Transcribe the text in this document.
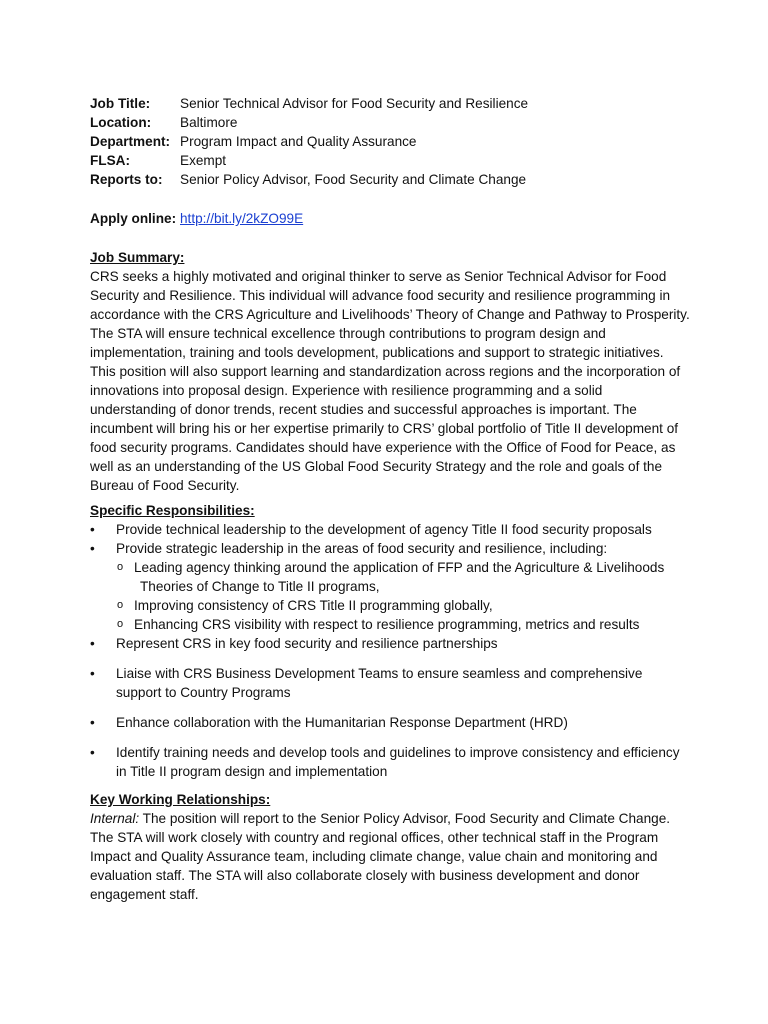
Job Title:	Senior Technical Advisor for Food Security and Resilience
Location:	Baltimore
Department: Program Impact and Quality Assurance
FLSA:	Exempt
Reports to:	Senior Policy Advisor, Food Security and Climate Change
Apply online: http://bit.ly/2kZO99E
Job Summary:

CRS seeks a highly motivated and original thinker to serve as Senior Technical Advisor for Food Security and Resilience. This individual will advance food security and resilience programming in accordance with the CRS Agriculture and Livelihoods’ Theory of Change and Pathway to Prosperity. The STA will ensure technical excellence through contributions to program design and implementation, training and tools development, publications and support to strategic initiatives. This position will also support learning and standardization across regions and the incorporation of innovations into proposal design. Experience with resilience programming and a solid understanding of donor trends, recent studies and successful approaches is important. The incumbent will bring his or her expertise primarily to CRS’ global portfolio of Title II development of food security programs. Candidates should have experience with the Office of Food for Peace, as well as an understanding of the US Global Food Security Strategy and the role and goals of the Bureau of Food Security.

Specific Responsibilities:
•	Provide technical leadership to the development of agency Title II food security proposals
•	Provide strategic leadership in the areas of food security and resilience, including:
o Leading agency thinking around the application of FFP and the Agriculture & Livelihoods
Theories of Change to Title II programs,
o Improving consistency of CRS Title II programming globally,
o Enhancing CRS visibility with respect to resilience programming, metrics and results
•	Represent CRS in key food security and resilience partnerships
•	Liaise with CRS Business Development Teams to ensure seamless and comprehensive support to Country Programs
•	Enhance collaboration with the Humanitarian Response Department (HRD)
•	Identify training needs and develop tools and guidelines to improve consistency and efficiency in Title II program design and implementation
Key Working Relationships:

Internal: The position will report to the Senior Policy Advisor, Food Security and Climate Change. The STA will work closely with country and regional offices, other technical staff in the Program Impact and Quality Assurance team, including climate change, value chain and monitoring and evaluation staff. The STA will also collaborate closely with business development and donor engagement staff.
